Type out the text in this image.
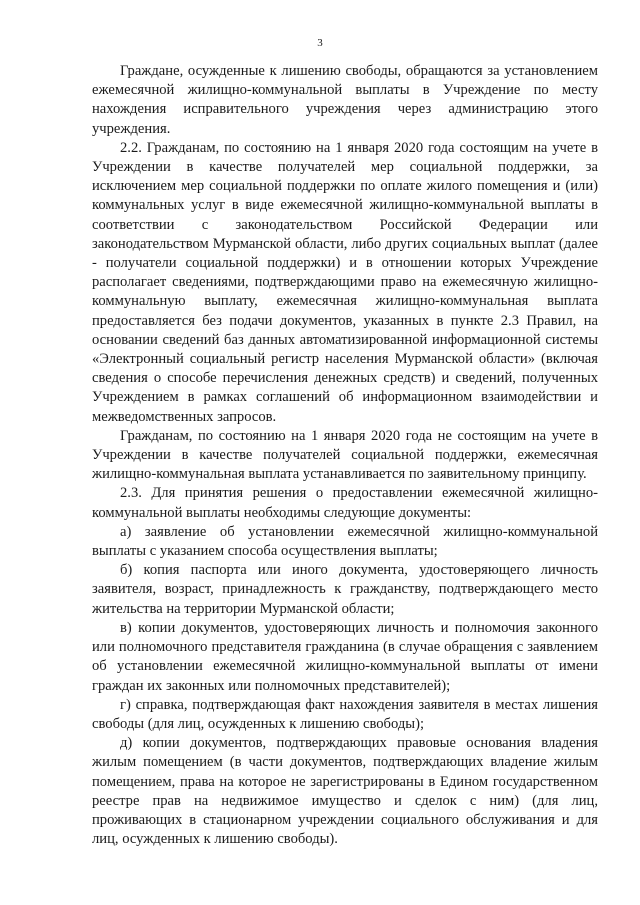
3

Граждане, осужденные к лишению свободы, обращаются за установлением ежемесячной жилищно-коммунальной выплаты в Учреждение по месту нахождения исправительного учреждения через администрацию этого учреждения.

2.2. Гражданам, по состоянию на 1 января 2020 года состоящим на учете в Учреждении в качестве получателей мер социальной поддержки, за исключением мер социальной поддержки по оплате жилого помещения и (или) коммунальных услуг в виде ежемесячной жилищно-коммунальной выплаты в соответствии с законодательством Российской Федерации или законодательством Мурманской области, либо других социальных выплат (далее - получатели социальной поддержки) и в отношении которых Учреждение располагает сведениями, подтверждающими право на ежемесячную жилищно-коммунальную выплату, ежемесячная жилищно-коммунальная выплата предоставляется без подачи документов, указанных в пункте 2.3 Правил, на основании сведений баз данных автоматизированной информационной системы «Электронный социальный регистр населения Мурманской области» (включая сведения о способе перечисления денежных средств) и сведений, полученных Учреждением в рамках соглашений об информационном взаимодействии и межведомственных запросов.

Гражданам, по состоянию на 1 января 2020 года не состоящим на учете в Учреждении в качестве получателей социальной поддержки, ежемесячная жилищно-коммунальная выплата устанавливается по заявительному принципу.

2.3. Для принятия решения о предоставлении ежемесячной жилищно-коммунальной выплаты необходимы следующие документы:

а) заявление об установлении ежемесячной жилищно-коммунальной выплаты с указанием способа осуществления выплаты;

б) копия паспорта или иного документа, удостоверяющего личность заявителя, возраст, принадлежность к гражданству, подтверждающего место жительства на территории Мурманской области;

в) копии документов, удостоверяющих личность и полномочия законного или полномочного представителя гражданина (в случае обращения с заявлением об установлении ежемесячной жилищно-коммунальной выплаты от имени граждан их законных или полномочных представителей);

г) справка, подтверждающая факт нахождения заявителя в местах лишения свободы (для лиц, осужденных к лишению свободы);

д) копии документов, подтверждающих правовые основания владения жилым помещением (в части документов, подтверждающих владение жилым помещением, права на которое не зарегистрированы в Едином государственном реестре прав на недвижимое имущество и сделок с ним) (для лиц, проживающих в стационарном учреждении социального обслуживания и для лиц, осужденных к лишению свободы).
